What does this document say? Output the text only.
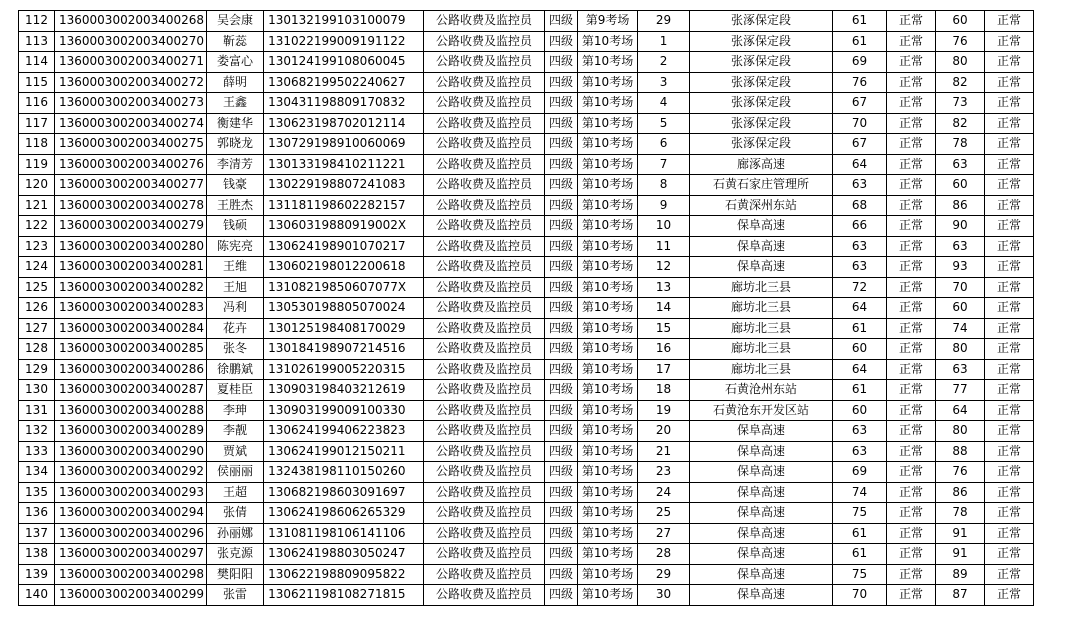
112	1360003002003400268	吴会康	130132199103100079	公路收费及监控员	四级	第9考场	29	张涿保定段	61	正常	60	正常
113	1360003002003400270	靳蕊	131022199009191122	公路收费及监控员	四级	第10考场	1	张涿保定段	61	正常	76	正常
114	1360003002003400271	娄富心	130124199108060045	公路收费及监控员	四级	第10考场	2	张涿保定段	69	正常	80	正常
115	1360003002003400272	薛明	130682199502240627	公路收费及监控员	四级	第10考场	3	张涿保定段	76	正常	82	正常
116	1360003002003400273	王鑫	130431198809170832	公路收费及监控员	四级	第10考场	4	张涿保定段	67	正常	73	正常
117	1360003002003400274	衡建华	130623198702012114	公路收费及监控员	四级	第10考场	5	张涿保定段	70	正常	82	正常
118	1360003002003400275	郭晓龙	130729198910060069	公路收费及监控员	四级	第10考场	6	张涿保定段	67	正常	78	正常
119	1360003002003400276	李清芳	130133198410211221	公路收费及监控员	四级	第10考场	7	廊涿高速	64	正常	63	正常
120	1360003002003400277	钱豪	130229198807241083	公路收费及监控员	四级	第10考场	8	石黄石家庄管理所	63	正常	60	正常
121	1360003002003400278	王胜杰	131181198602282157	公路收费及监控员	四级	第10考场	9	石黄深州东站	68	正常	86	正常
122	1360003002003400279	钱硕	13060319880919002X	公路收费及监控员	四级	第10考场	10	保阜高速	66	正常	90	正常
123	1360003002003400280	陈宪亮	130624198901070217	公路收费及监控员	四级	第10考场	11	保阜高速	63	正常	63	正常
124	1360003002003400281	王维	130602198012200618	公路收费及监控员	四级	第10考场	12	保阜高速	63	正常	93	正常
125	1360003002003400282	王旭	13108219850607077X	公路收费及监控员	四级	第10考场	13	廊坊北三县	72	正常	70	正常
126	1360003002003400283	冯利	130530198805070024	公路收费及监控员	四级	第10考场	14	廊坊北三县	64	正常	60	正常
127	1360003002003400284	花卉	130125198408170029	公路收费及监控员	四级	第10考场	15	廊坊北三县	61	正常	74	正常
128	1360003002003400285	张冬	130184198907214516	公路收费及监控员	四级	第10考场	16	廊坊北三县	60	正常	80	正常
129	1360003002003400286	徐鹏斌	131026199005220315	公路收费及监控员	四级	第10考场	17	廊坊北三县	64	正常	63	正常
130	1360003002003400287	夏桂臣	130903198403212619	公路收费及监控员	四级	第10考场	18	石黄沧州东站	61	正常	77	正常
131	1360003002003400288	李珅	130903199009100330	公路收费及监控员	四级	第10考场	19	石黄沧东开发区站	60	正常	64	正常
132	1360003002003400289	李靓	130624199406223823	公路收费及监控员	四级	第10考场	20	保阜高速	63	正常	80	正常
133	1360003002003400290	贾斌	130624199012150211	公路收费及监控员	四级	第10考场	21	保阜高速	63	正常	88	正常
134	1360003002003400292	侯丽丽	132438198110150260	公路收费及监控员	四级	第10考场	23	保阜高速	69	正常	76	正常
135	1360003002003400293	王超	130682198603091697	公路收费及监控员	四级	第10考场	24	保阜高速	74	正常	86	正常
136	1360003002003400294	张倩	130624198606265329	公路收费及监控员	四级	第10考场	25	保阜高速	75	正常	78	正常
137	1360003002003400296	孙丽娜	131081198106141106	公路收费及监控员	四级	第10考场	27	保阜高速	61	正常	91	正常
138	1360003002003400297	张克源	130624198803050247	公路收费及监控员	四级	第10考场	28	保阜高速	61	正常	91	正常
139	1360003002003400298	樊阳阳	130622198809095822	公路收费及监控员	四级	第10考场	29	保阜高速	75	正常	89	正常
140	1360003002003400299	张雷	130621198108271815	公路收费及监控员	四级	第10考场	30	保阜高速	70	正常	87	正常
